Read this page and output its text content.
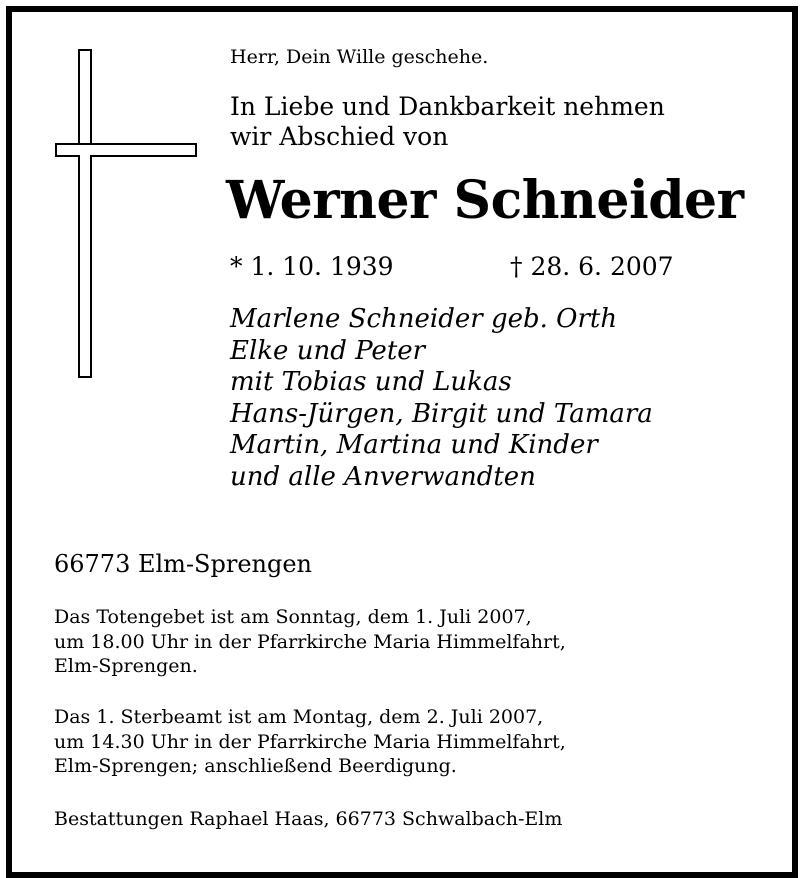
Herr, Dein Wille geschehe.
In Liebe und Dankbarkeit nehmen
wir Abschied von
Werner Schneider
* 1. 10. 1939	† 28. 6. 2007
Marlene Schneider geb. Orth
Elke und Peter
mit Tobias und Lukas
Hans-Jürgen, Birgit und Tamara
Martin, Martina und Kinder
und alle Anverwandten
66773 Elm-Sprengen
Das Totengebet ist am Sonntag, dem 1. Juli 2007,
um 18.00 Uhr in der Pfarrkirche Maria Himmelfahrt,
Elm-Sprengen.
Das 1. Sterbeamt ist am Montag, dem 2. Juli 2007,
um 14.30 Uhr in der Pfarrkirche Maria Himmelfahrt,
Elm-Sprengen; anschließend Beerdigung.
Bestattungen Raphael Haas, 66773 Schwalbach-Elm
